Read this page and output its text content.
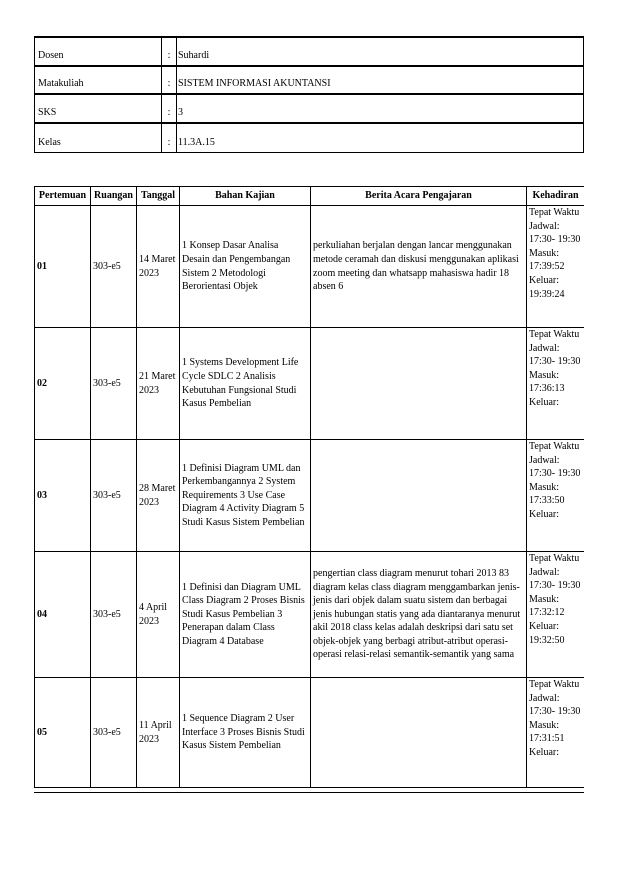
Dosen	: Suhardi
Matakuliah	: SISTEM INFORMASI AKUNTANSI
SKS	: 3
Kelas	: 11.3A.15
Pertemuan	Ruangan	Tanggal	Bahan Kajian	Berita Acara Pengajaran	Kehadiran
01	303-e5	14 Maret 2023	1 Konsep Dasar Analisa Desain dan Pengembangan Sistem 2 Metodologi Berorientasi Objek	perkuliahan berjalan dengan lancar menggunakan metode ceramah dan diskusi menggunakan aplikasi zoom meeting dan whatsapp mahasiswa hadir 18 absen 6	Tepat Waktu Jadwal: 17:30- 19:30 Masuk: 17:39:52 Keluar: 19:39:24

02	303-e5	21 Maret 2023	1 Systems Development Life Cycle SDLC 2 Analisis Kebutuhan Fungsional Studi Kasus Pembelian		Tepat Waktu Jadwal: 17:30- 19:30 Masuk: 17:36:13 Keluar:

03	303-e5	28 Maret 2023	1 Definisi Diagram UML dan Perkembangannya 2 System Requirements 3 Use Case Diagram 4 Activity Diagram 5 Studi Kasus Sistem Pembelian		Tepat Waktu Jadwal: 17:30- 19:30 Masuk: 17:33:50 Keluar:

04	303-e5	4 April 2023	1 Definisi dan Diagram UML Class Diagram 2 Proses Bisnis Studi Kasus Pembelian 3 Penerapan dalam Class Diagram 4 Database	pengertian class diagram menurut tohari 2013 83 diagram kelas class diagram menggambarkan jenis-jenis dari objek dalam suatu sistem dan berbagai jenis hubungan statis yang ada diantaranya menurut akil 2018 class kelas adalah deskripsi dari satu set objek-objek yang berbagi atribut-atribut operasi-operasi relasi-relasi semantik-semantik yang sama	Tepat Waktu Jadwal: 17:30- 19:30 Masuk: 17:32:12 Keluar: 19:32:50

05	303-e5	11 April 2023	1 Sequence Diagram 2 User Interface 3 Proses Bisnis Studi Kasus Sistem Pembelian		Tepat Waktu Jadwal: 17:30- 19:30 Masuk: 17:31:51 Keluar:
